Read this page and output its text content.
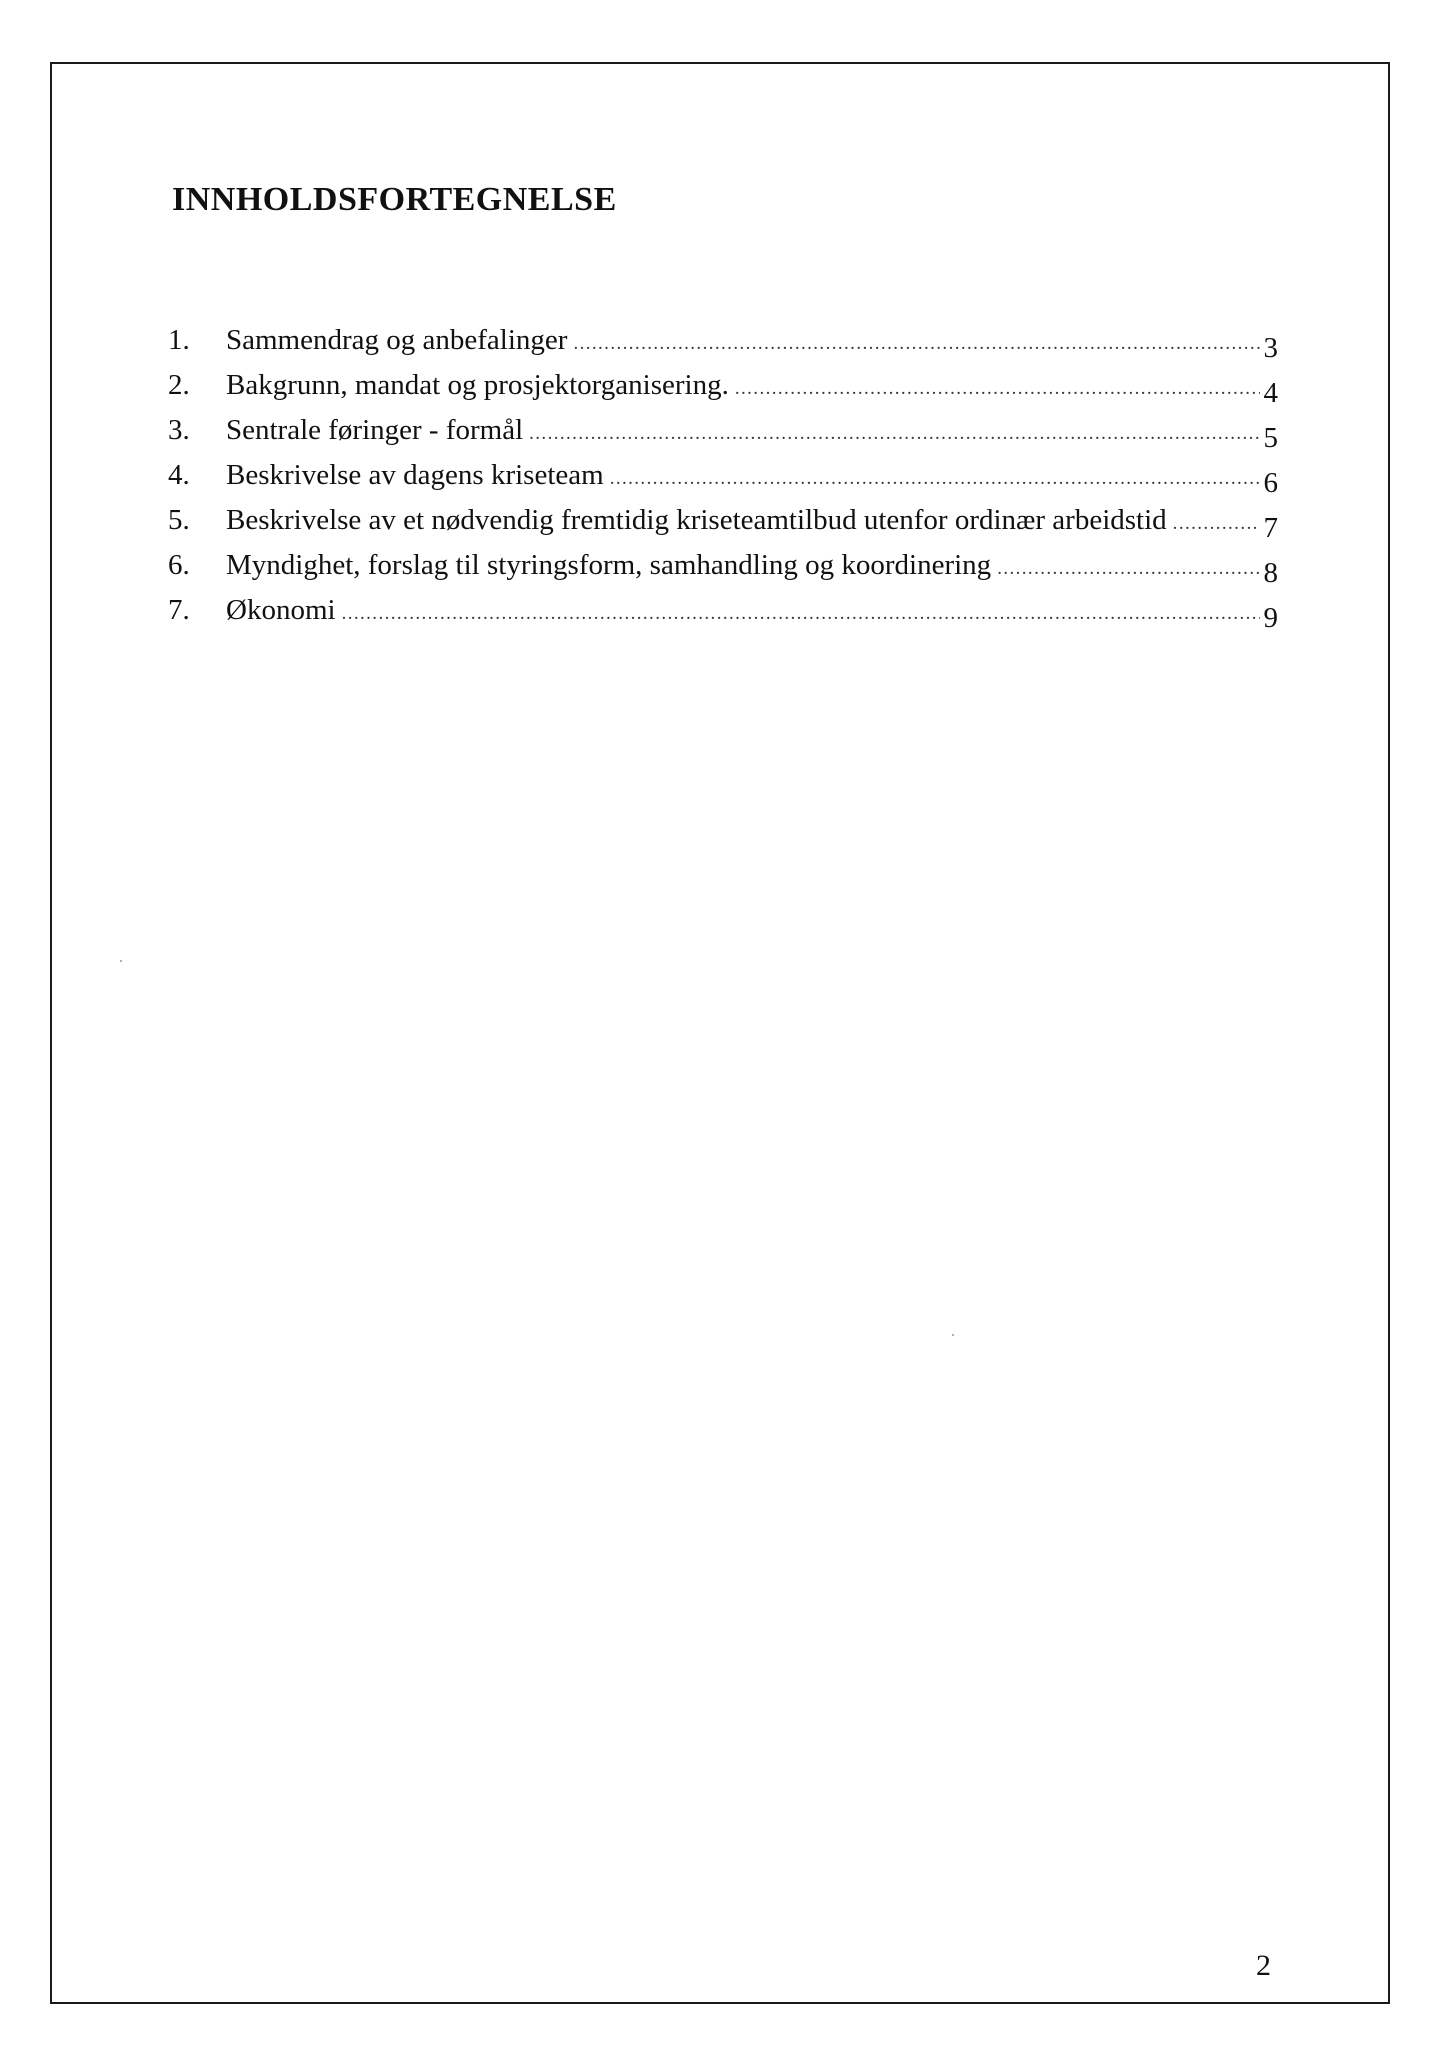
INNHOLDSFORTEGNELSE
1.	Sammendrag og anbefalinger .....	3
2.	Bakgrunn, mandat og prosjektorganisering. .....	4
3.	Sentrale føringer - formål .....	5
4.	Beskrivelse av dagens kriseteam .....	6
5.	Beskrivelse av et nødvendig fremtidig kriseteamtilbud utenfor ordinær arbeidstid .....	7
6.	Myndighet, forslag til styringsform, samhandling og koordinering .....	8
7.	Økonomi .....	9
2
